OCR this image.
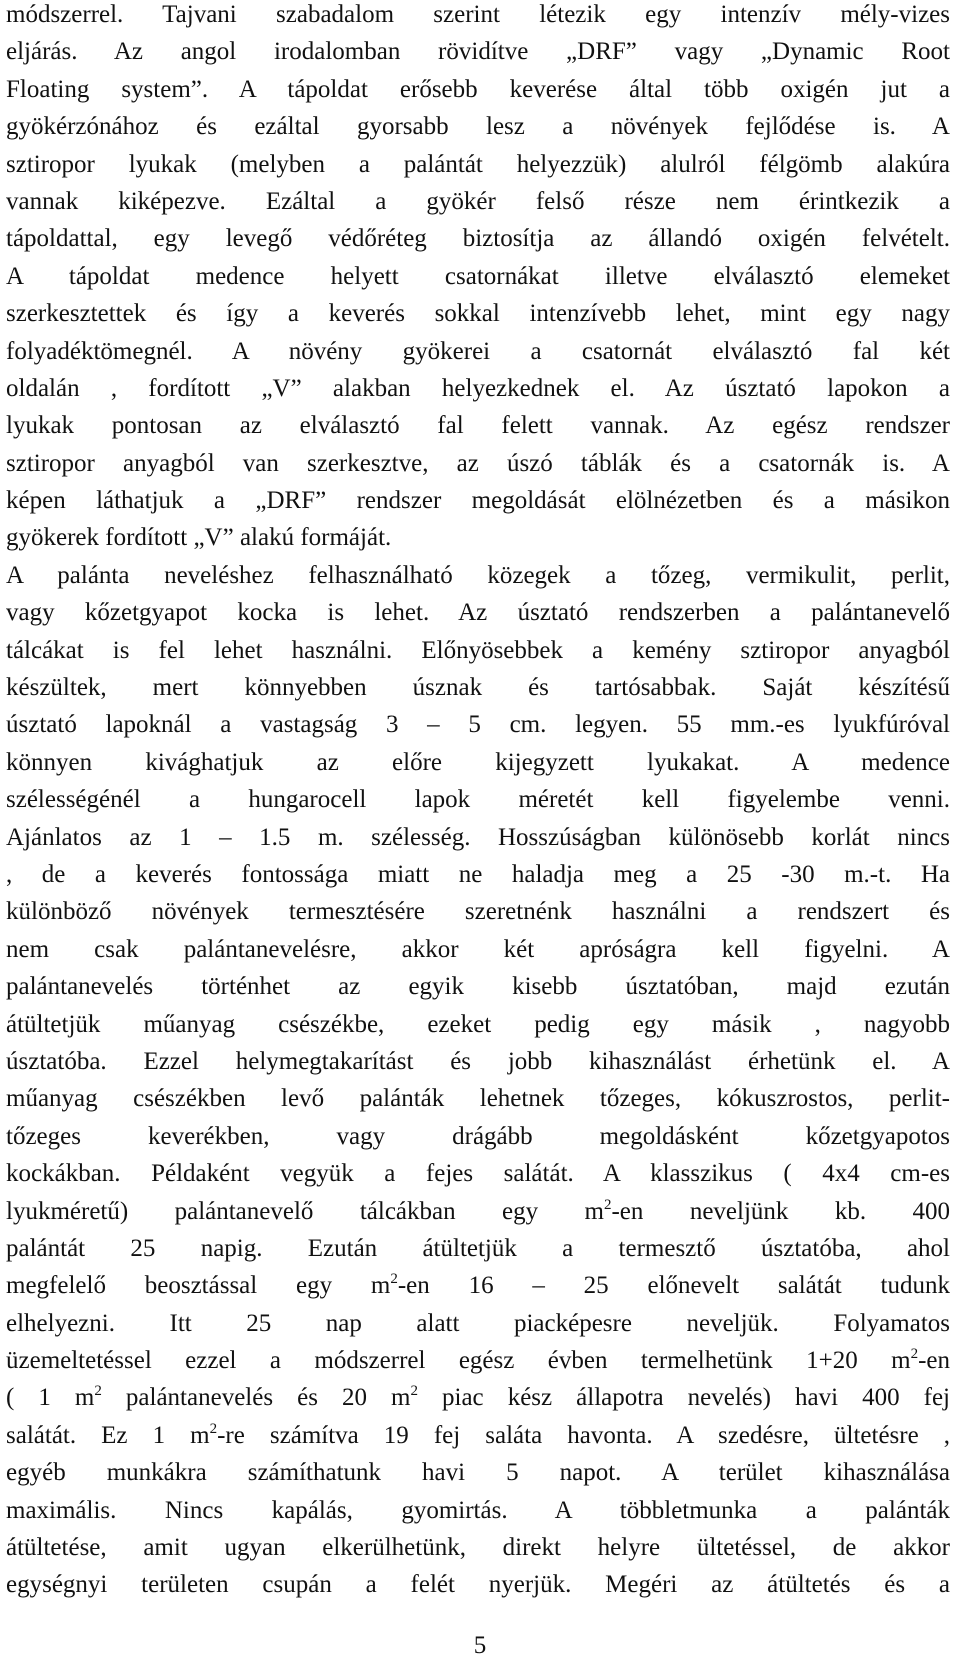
módszerrel. Tajvani szabadalom szerint létezik egy intenzív mély-vizes
eljárás. Az angol irodalomban rövidítve „DRF” vagy „Dynamic Root
Floating system”. A tápoldat erősebb keverése által több oxigén jut a
gyökérzónához és ezáltal gyorsabb lesz a növények fejlődése is. A
sztiropor lyukak (melyben a palántát helyezzük) alulról félgömb alakúra
vannak kiképezve. Ezáltal a gyökér felső része nem érintkezik a
tápoldattal, egy levegő védőréteg biztosítja az állandó oxigén felvételt.
A tápoldat medence helyett csatornákat illetve elválasztó elemeket
szerkesztettek és így a keverés sokkal intenzívebb lehet, mint egy nagy
folyadéktömegnél. A növény gyökerei a csatornát elválasztó fal két
oldalán , fordított „V” alakban helyezkednek el. Az úsztató lapokon a
lyukak pontosan az elválasztó fal felett vannak. Az egész rendszer
sztiropor anyagból van szerkesztve, az úszó táblák és a csatornák is. A
képen láthatjuk a „DRF” rendszer megoldását elölnézetben és a másikon
gyökerek fordított „V” alakú formáját.
A palánta neveléshez felhasználható közegek a tőzeg, vermikulit, perlit,
vagy kőzetgyapot kocka is lehet. Az úsztató rendszerben a palántanevelő
tálcákat is fel lehet használni. Előnyösebbek a kemény sztiropor anyagból
készültek, mert könnyebben úsznak és tartósabbak. Saját készítésű
úsztató lapoknál a vastagság 3 – 5 cm. legyen. 55 mm.-es lyukfúróval
könnyen kivághatjuk az előre kijegyzett lyukakat. A medence
szélességénél a hungarocell lapok méretét kell figyelembe venni.
Ajánlatos az 1 – 1.5 m. szélesség. Hosszúságban különösebb korlát nincs
, de a keverés fontossága miatt ne haladja meg a 25 -30 m.-t. Ha
különböző növények termesztésére szeretnénk használni a rendszert és
nem csak palántanevelésre, akkor két apróságra kell figyelni. A
palántanevelés történhet az egyik kisebb úsztatóban, majd ezután
átültetjük műanyag csészékbe, ezeket pedig egy másik , nagyobb
úsztatóba. Ezzel helymegtakarítást és jobb kihasználást érhetünk el. A
műanyag csészékben levő palánták lehetnek tőzeges, kókuszrostos, perlit-
tőzeges keverékben, vagy drágább megoldásként kőzetgyapotos
kockákban. Példaként vegyük a fejes salátát. A klasszikus ( 4x4 cm-es
lyukméretű) palántanevelő tálcákban egy $m^2-en$ neveljünk kb. 400
palántát 25 napig. Ezután átültetjük a termesztő úsztatóba, ahol
megfelelő beosztással egy $m^2-en$ 16 – 25 előnevelt salátát tudunk
elhelyezni. Itt 25 nap alatt piacképesre neveljük. Folyamatos
üzemeltetéssel ezzel a módszerrel egész évben termelhetünk 1+20 $m^2-en$
( 1 $m^2$ palántanevelés és 20 $m^2$ piac kész állapotra nevelés) havi 400 fej
salátát. Ez 1 $m^2-re$ számítva 19 fej saláta havonta. A szedésre, ültetésre ,
egyéb munkákra számíthatunk havi 5 napot. A terület kihasználása
maximális. Nincs kapálás, gyomirtás. A többletmunka a palánták
átültetése, amit ugyan elkerülhetünk, direkt helyre ültetéssel, de akkor
egységnyi területen csupán a felét nyerjük. Megéri az átültetés és a
5
